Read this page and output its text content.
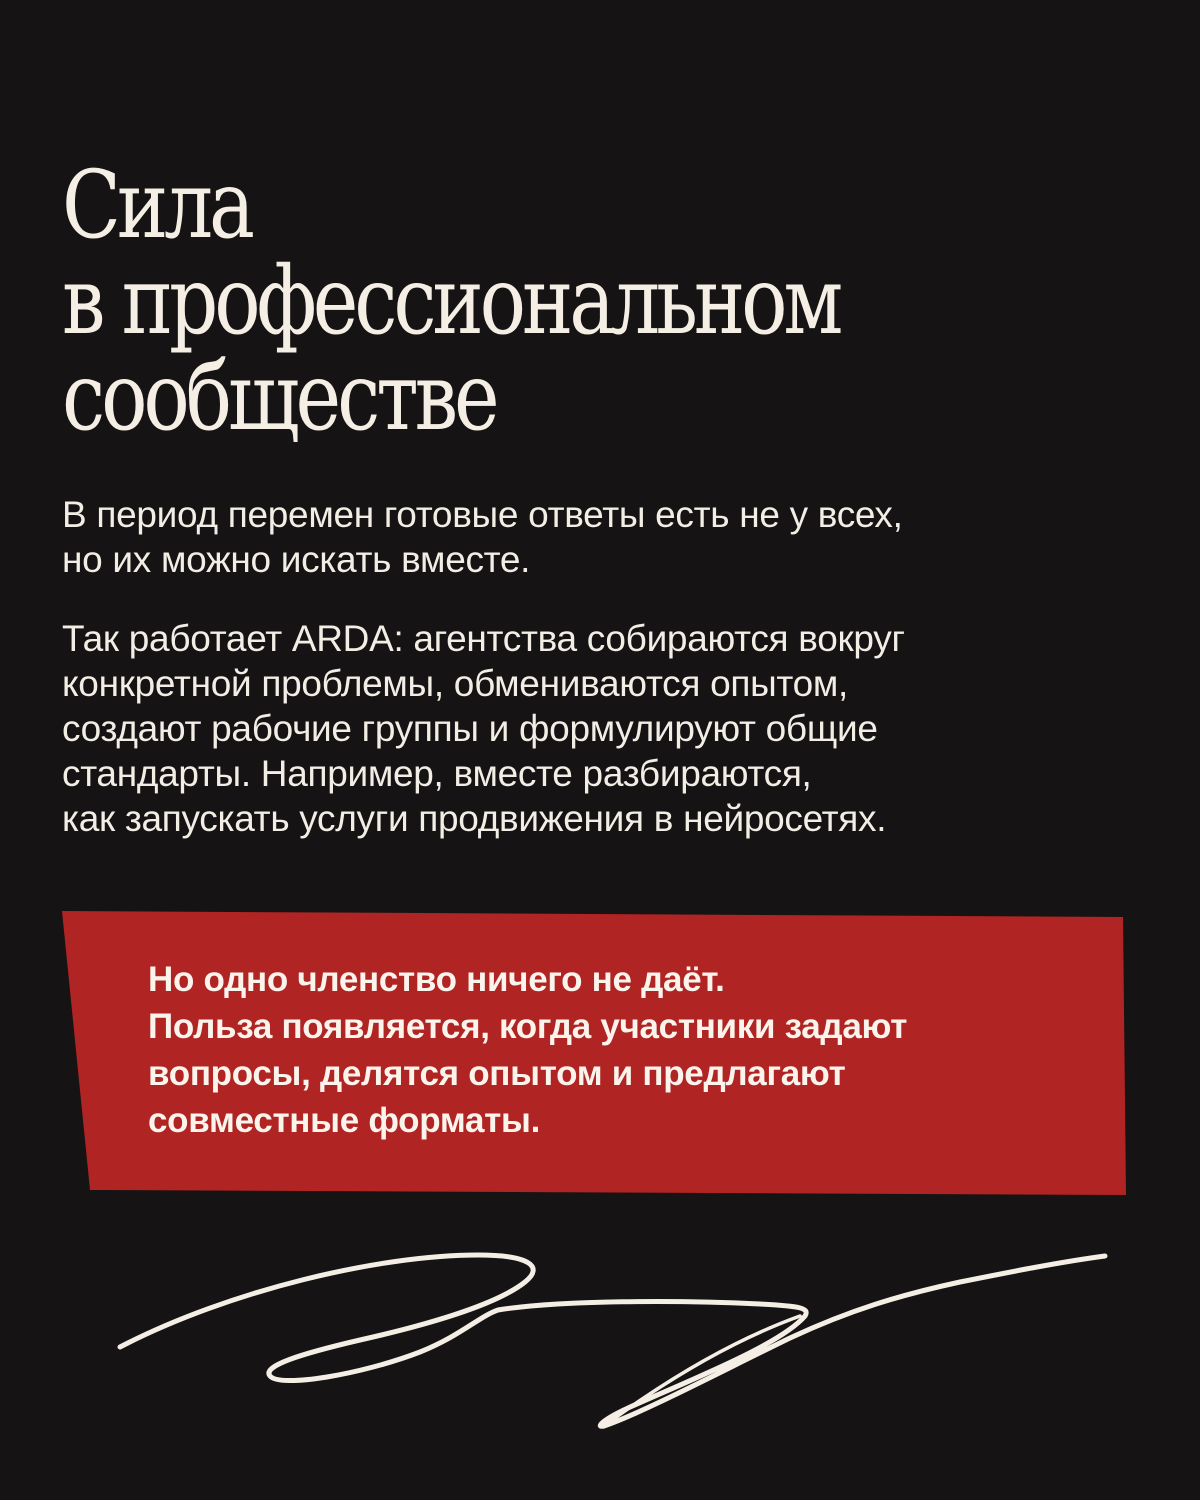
Сила
в профессиональном
сообществе

В период перемен готовые ответы есть не у всех,
но их можно искать вместе.

Так работает ARDA: агентства собираются вокруг
конкретной проблемы, обмениваются опытом,
создают рабочие группы и формулируют общие
стандарты. Например, вместе разбираются,
как запускать услуги продвижения в нейросетях.

Но одно членство ничего не даёт.
Польза появляется, когда участники задают
вопросы, делятся опытом и предлагают
совместные форматы.
